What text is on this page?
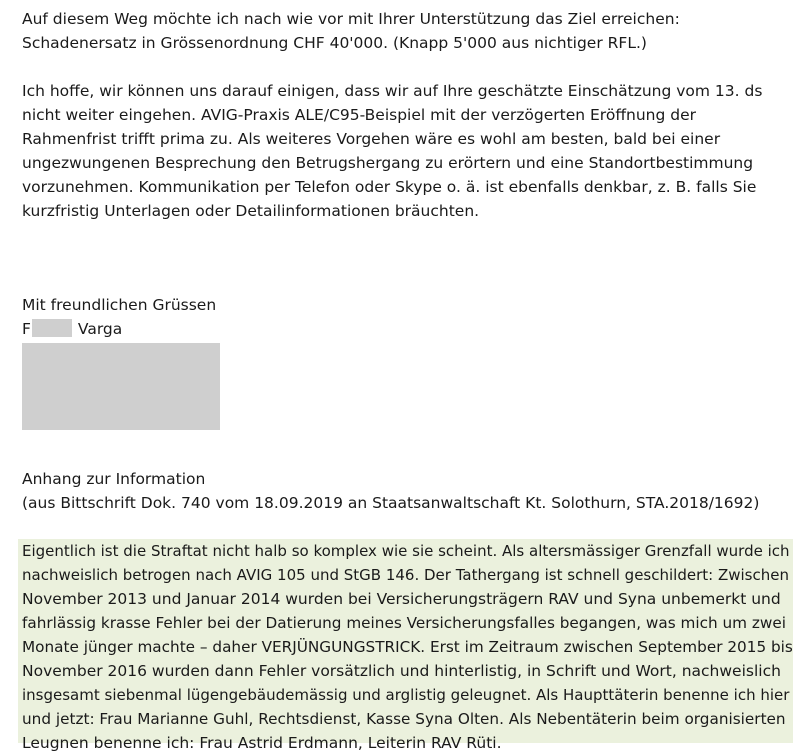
Auf diesem Weg möchte ich nach wie vor mit Ihrer Unterstützung das Ziel erreichen:
Schadenersatz in Grössenordnung CHF 40'000. (Knapp 5'000 aus nichtiger RFL.)
Ich hoffe, wir können uns darauf einigen, dass wir auf Ihre geschätzte Einschätzung vom 13. ds
nicht weiter eingehen. AVIG-Praxis ALE/C95-Beispiel mit der verzögerten Eröffnung der
Rahmenfrist trifft prima zu. Als weiteres Vorgehen wäre es wohl am besten, bald bei einer
ungezwungenen Besprechung den Betrugshergang zu erörtern und eine Standortbestimmung
vorzunehmen. Kommunikation per Telefon oder Skype o. ä. ist ebenfalls denkbar, z. B. falls Sie
kurzfristig Unterlagen oder Detailinformationen bräuchten.
Mit freundlichen Grüssen
F	Varga
Anhang zur Information
(aus Bittschrift Dok. 740 vom 18.09.2019 an Staatsanwaltschaft Kt. Solothurn, STA.2018/1692)
Eigentlich ist die Straftat nicht halb so komplex wie sie scheint. Als altersmässiger Grenzfall wurde ich
nachweislich betrogen nach AVIG 105 und StGB 146. Der Tathergang ist schnell geschildert: Zwischen
November 2013 und Januar 2014 wurden bei Versicherungsträgern RAV und Syna unbemerkt und
fahrlässig krasse Fehler bei der Datierung meines Versicherungsfalles begangen, was mich um zwei
Monate jünger machte – daher VERJÜNGUNGSTRICK. Erst im Zeitraum zwischen September 2015 bis
November 2016 wurden dann Fehler vorsätzlich und hinterlistig, in Schrift und Wort, nachweislich
insgesamt siebenmal lügengebäudemässig und arglistig geleugnet. Als Haupttäterin benenne ich hier
und jetzt: Frau Marianne Guhl, Rechtsdienst, Kasse Syna Olten. Als Nebentäterin beim organisierten
Leugnen benenne ich: Frau Astrid Erdmann, Leiterin RAV Rüti.
